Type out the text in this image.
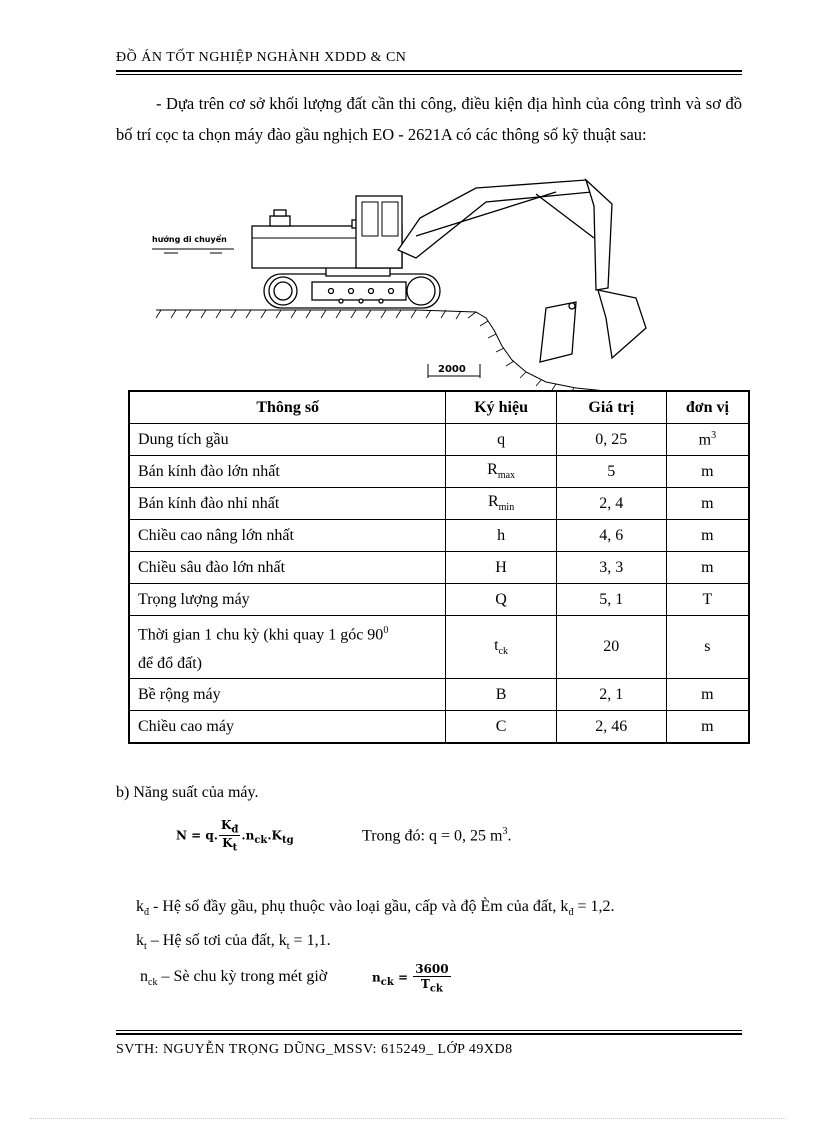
ĐỒ ÁN TỐT NGHIỆP NGHÀNH XDDD & CN
- Dựa trên cơ sở khối lượng đất cần thi công, điều kiện địa hình của công trình và sơ đồ bố trí cọc ta chọn máy đào gầu nghịch EO - 2621A có các thông số kỹ thuật sau:
hướng di chuyển
2000
Thông số	Ký hiệu	Giá trị	đơn vị
Dung tích gầu	q	0, 25	$m^3$
Bán kính đào lớn nhất	$R_{max}$	5	m
Bán kính đào nhỉ nhất	$R_{min}$	2, 4	m
Chiều cao nâng lớn nhất	h	4, 6	m
Chiều sâu đào lớn nhất	H	3, 3	m
Trọng lượng máy	Q	5, 1	T
Thời gian 1 chu kỳ (khi quay 1 góc $90^0$
để đổ đất)	$t_{ck}$	20	s
Bề rộng máy	B	2, 1	m
Chiều cao máy	C	2, 46	m
b) Năng suất của máy.
N = q. $\frac{K_đ}{K_t} .n_{ck}.K_{tg}$	Trong đó: q = 0, 25 $m^3$.
$k_đ$ - Hệ số đầy gầu, phụ thuộc vào loại gầu, cấp và độ Èm của đất, $k_đ = 1,2$.
$k_t$ – Hệ số tơi của đất, $k_t = 1,1$.
$n_{ck}$ – Sè chu kỳ trong mét giờ	$n_{ck} = \frac{3600}{T_{ck}}$
SVTH: NGUYỄN TRỌNG DŨNG_MSSV: 615249_ LỚP 49XD8
